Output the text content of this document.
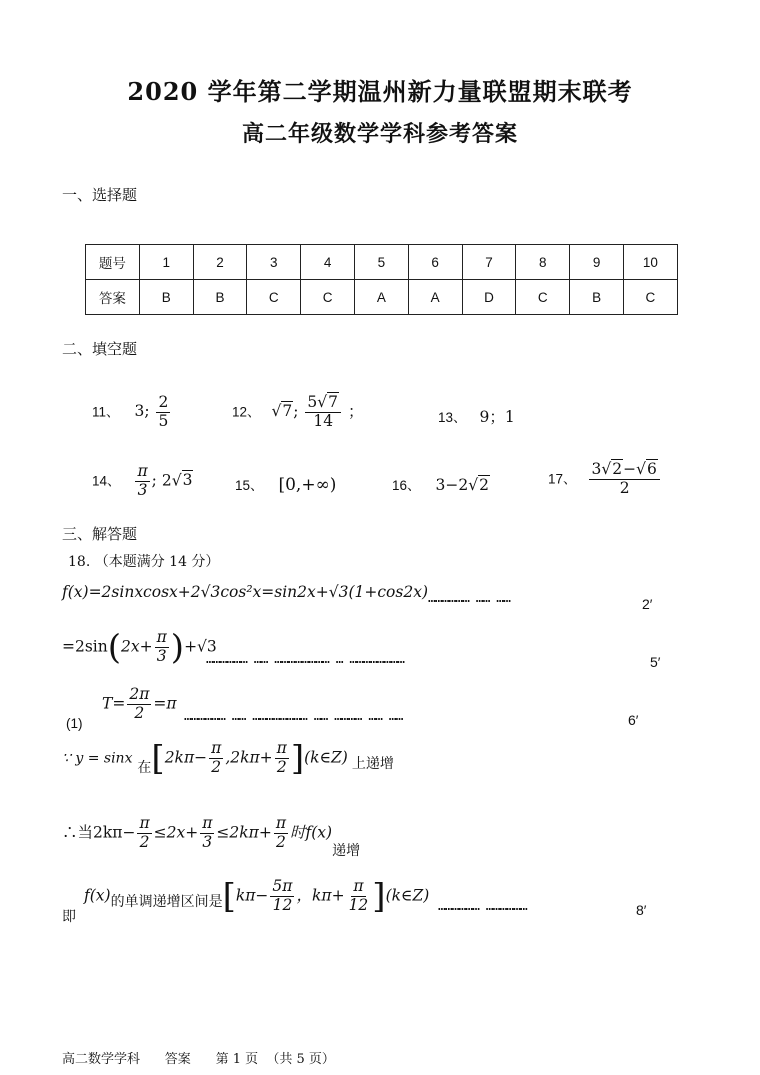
2020 学年第二学期温州新力量联盟期末联考
高二年级数学学科参考答案
一、选择题
题号	1	2	3	4	5	6	7	8	9	10
答案	B	B	C	C	A	A	D	C	B	C
二、填空题
11、 3; $\frac{2}{5}$	12、 √7; $\frac{5√7}{14}$ ；	13、 9；1
14、 $\frac{\pi}{3}$ ; 2√3	15、 [0,+∞)	16、 3−2√2	17、 $\frac{3√2-√6}{2}$
三、解答题
18. （本题满分 14 分）
f(x)=2sinxcosx+2√3cos²x=sin2x+√3(1+cos2x) ……………… …… ……	2′
$=2\sin(2x+ \frac{\pi}{3} )+√3$
……………… …… …………………… … ……………………	5′
(1)
$T= \frac{2\pi}{2} =\pi$
……………… …… …………………… …… ………… …… ……	6′
∵ y = sinx 在[$2k\pi- \frac{\pi}{2} ,2k\pi+ \frac{\pi}{2}$ ](k∈Z) 上递增
∴当$2k\pi- \frac{\pi}{2} \le 2x+ \frac{\pi}{3} \le 2k\pi+ \frac{\pi}{2}$ 时f(x)递增
即
f(x)的单调递增区间是[$k\pi- \frac{5\pi}{12}$ ，$k\pi+ \frac{\pi}{12}$ ](k∈Z)
……………… ………………	8′
高二数学学科      答案      第 1 页  （共 5 页）
